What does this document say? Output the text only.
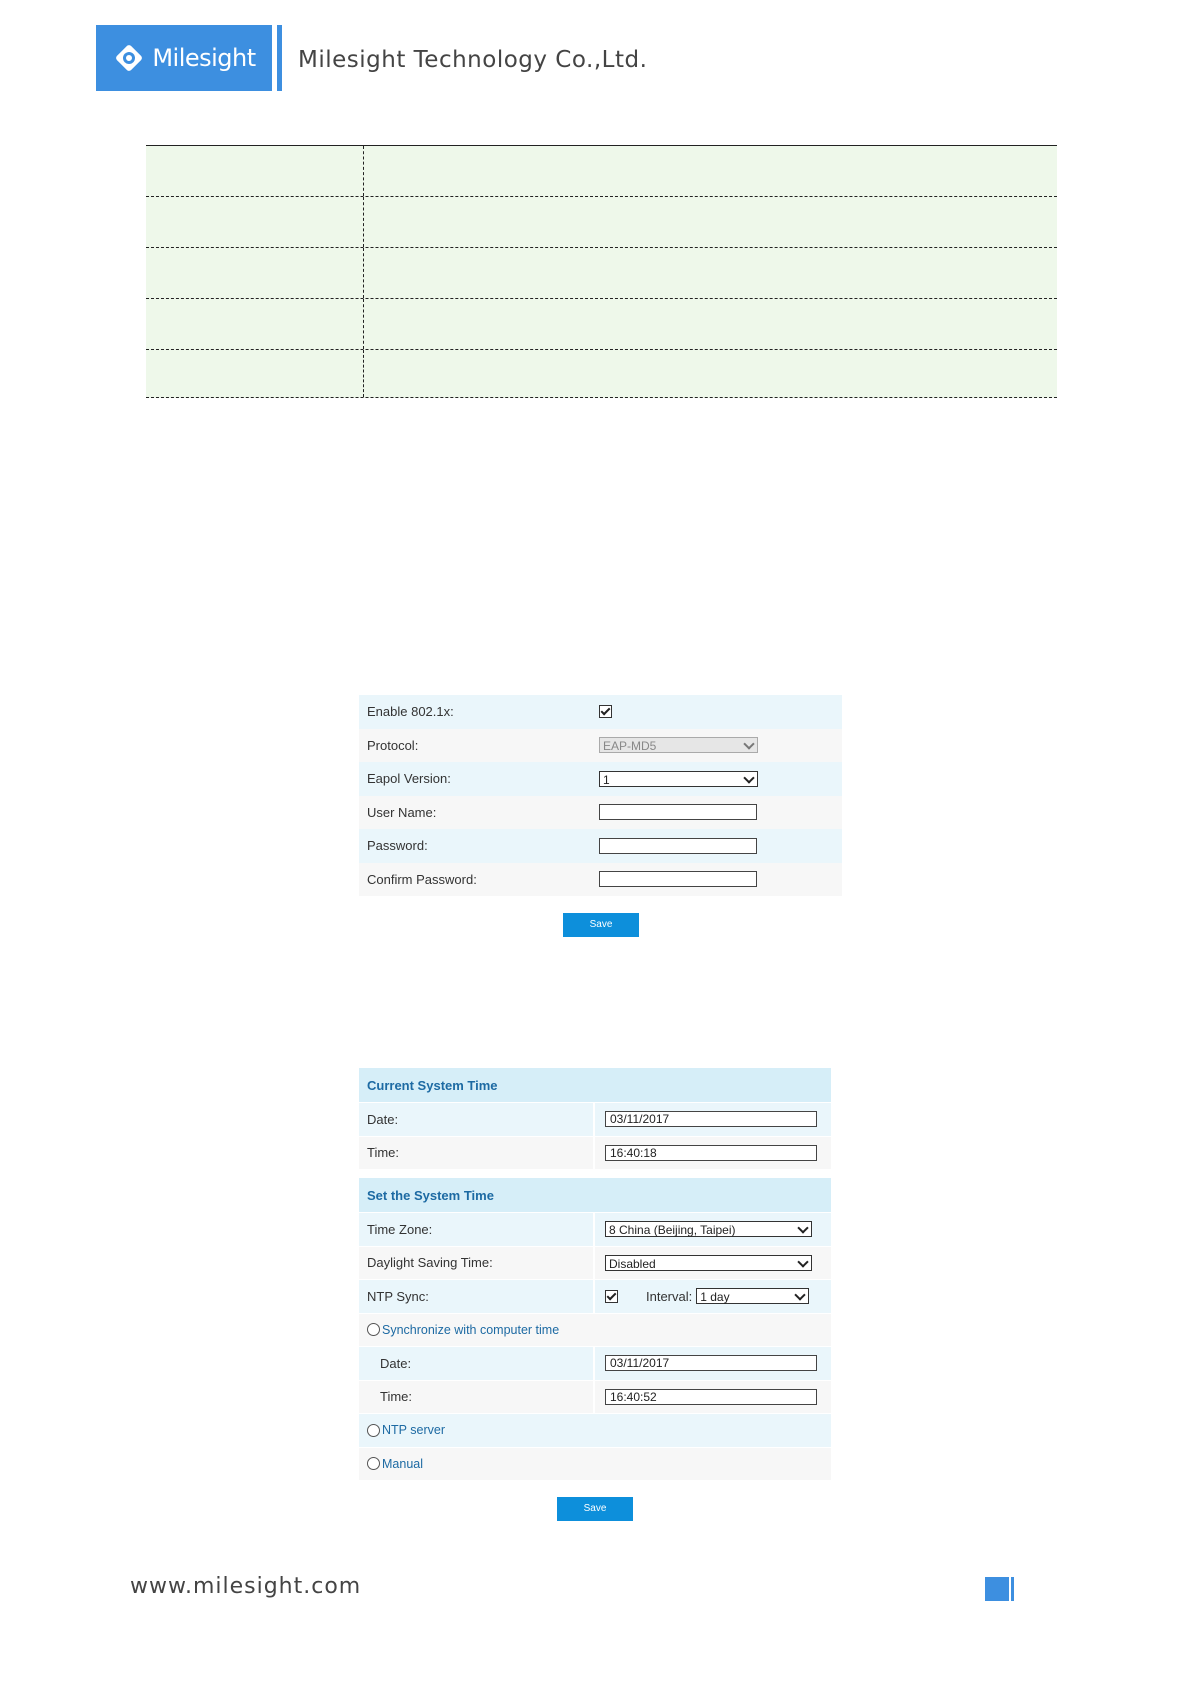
Milesight Milesight Technology Co.,Ltd.
Enable 802.1x:
Protocol:	EAP-MD5
Eapol Version:	1
User Name:
Password:
Confirm Password:
Save
Current System Time
Date:	03/11/2017
Time:	16:40:18
Set the System Time
Time Zone:	8 China (Beijing, Taipei)
Daylight Saving Time:	Disabled
NTP Sync:	Interval: 1 day
Synchronize with computer time
Date:	03/11/2017
Time:	16:40:52
NTP server
Manual
Save
www.milesight.com
